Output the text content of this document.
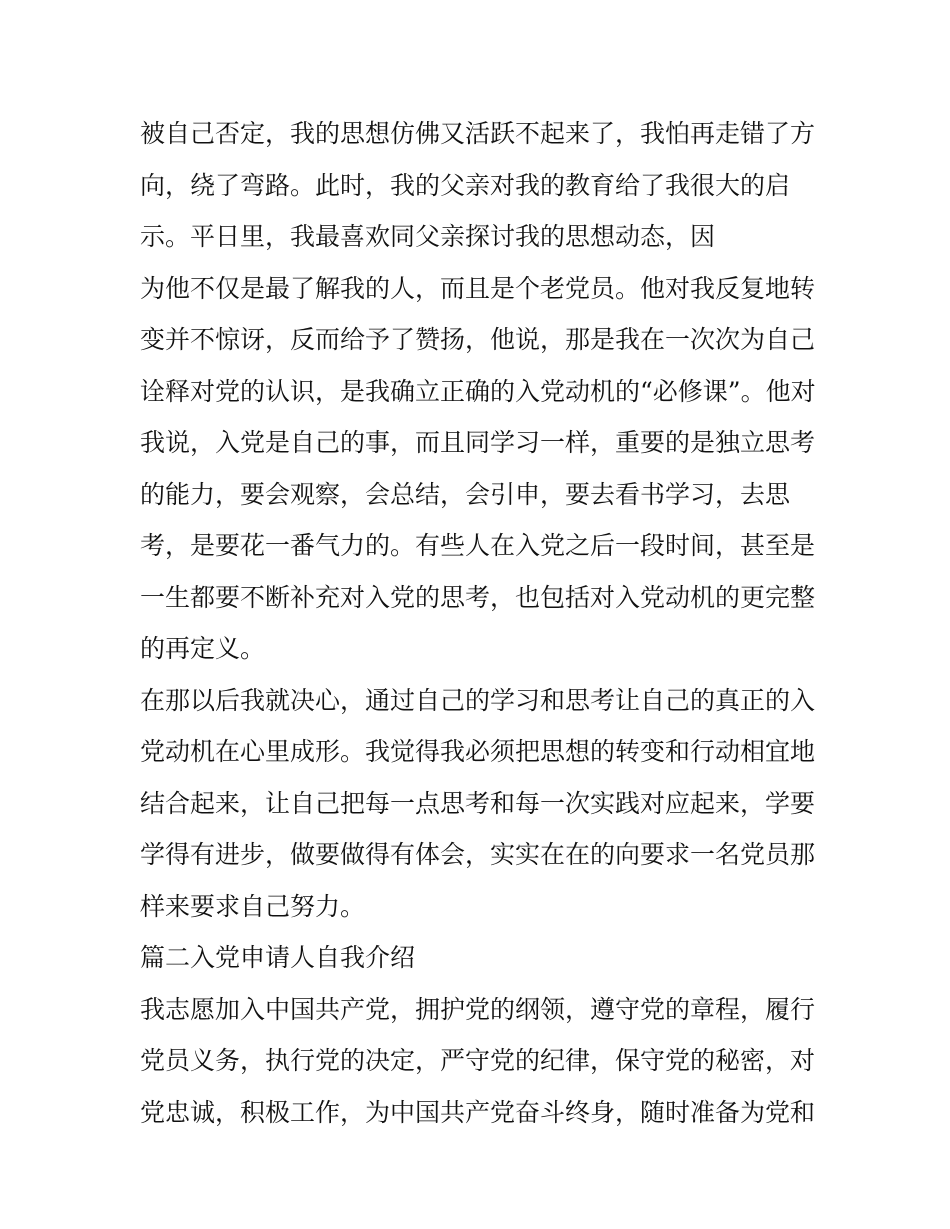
被自己否定，我的思想仿佛又活跃不起来了，我怕再走错了方
向，绕了弯路。此时，我的父亲对我的教育给了我很大的启
示。平日里，我最喜欢同父亲探讨我的思想动态，因
为他不仅是最了解我的人，而且是个老党员。他对我反复地转
变并不惊讶，反而给予了赞扬，他说，那是我在一次次为自己
诠释对党的认识，是我确立正确的入党动机的“必修课”。他对
我说，入党是自己的事，而且同学习一样，重要的是独立思考
的能力，要会观察，会总结，会引申，要去看书学习，去思
考，是要花一番气力的。有些人在入党之后一段时间，甚至是
一生都要不断补充对入党的思考，也包括对入党动机的更完整
的再定义。
在那以后我就决心，通过自己的学习和思考让自己的真正的入
党动机在心里成形。我觉得我必须把思想的转变和行动相宜地
结合起来，让自己把每一点思考和每一次实践对应起来，学要
学得有进步，做要做得有体会，实实在在的向要求一名党员那
样来要求自己努力。
篇二入党申请人自我介绍
我志愿加入中国共产党，拥护党的纲领，遵守党的章程，履行
党员义务，执行党的决定，严守党的纪律，保守党的秘密，对
党忠诚，积极工作，为中国共产党奋斗终身，随时准备为党和
